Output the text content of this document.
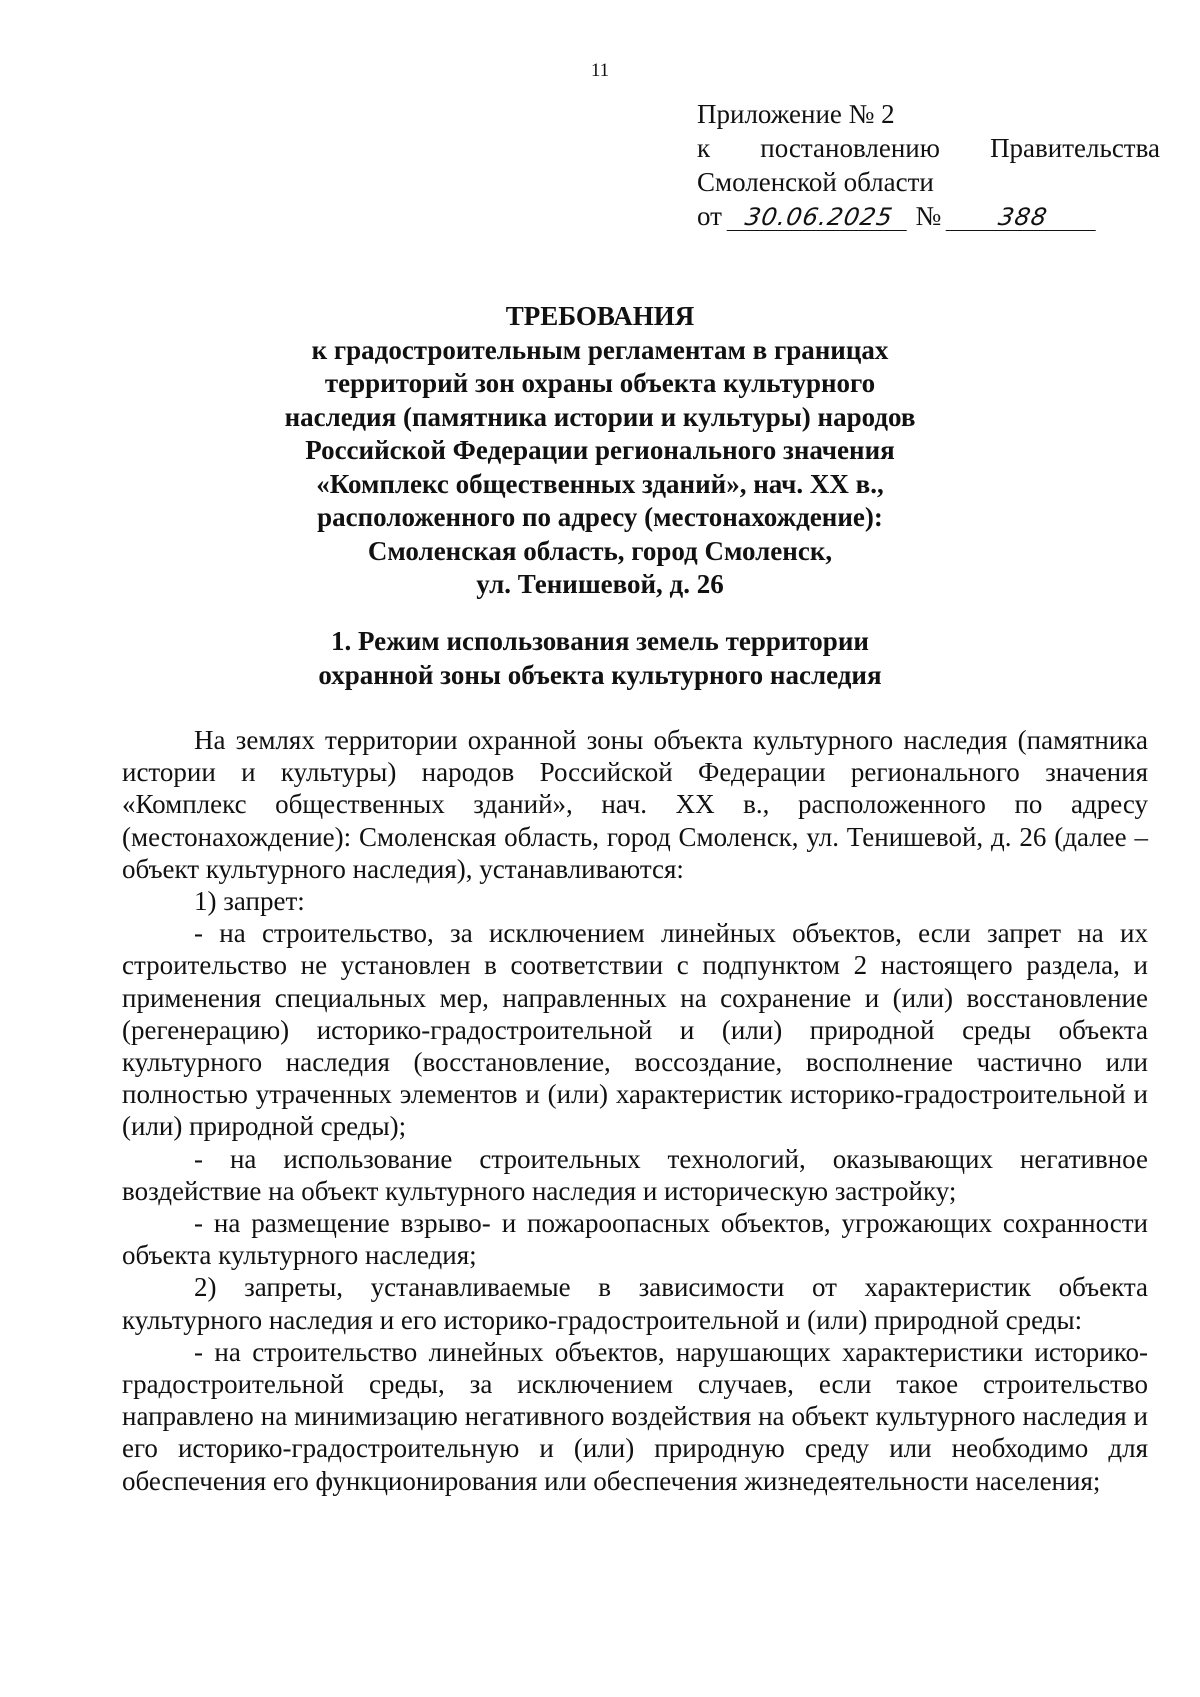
11
Приложение № 2
к постановлению Правительства
Смоленской области
от 30.06.2025 № 388
ТРЕБОВАНИЯ
к градостроительным регламентам в границах
территорий зон охраны объекта культурного
наследия (памятника истории и культуры) народов
Российской Федерации регионального значения
«Комплекс общественных зданий», нач. XX в.,
расположенного по адресу (местонахождение):
Смоленская область, город Смоленск,
ул. Тенишевой, д. 26
1. Режим использования земель территории
охранной зоны объекта культурного наследия

На землях территории охранной зоны объекта культурного наследия (памятника истории и культуры) народов Российской Федерации регионального значения «Комплекс общественных зданий», нач. XX в., расположенного по адресу (местонахождение): Смоленская область, город Смоленск, ул. Тенишевой, д. 26 (далее – объект культурного наследия), устанавливаются:

1) запрет:

- на строительство, за исключением линейных объектов, если запрет на их строительство не установлен в соответствии с подпунктом 2 настоящего раздела, и применения специальных мер, направленных на сохранение и (или) восстановление (регенерацию) историко-градостроительной и (или) природной среды объекта культурного наследия (восстановление, воссоздание, восполнение частично или полностью утраченных элементов и (или) характеристик историко-градостроительной и (или) природной среды);

- на использование строительных технологий, оказывающих негативное воздействие на объект культурного наследия и историческую застройку;

- на размещение взрыво- и пожароопасных объектов, угрожающих сохранности объекта культурного наследия;

2) запреты, устанавливаемые в зависимости от характеристик объекта культурного наследия и его историко-градостроительной и (или) природной среды:

- на строительство линейных объектов, нарушающих характеристики историко-градостроительной среды, за исключением случаев, если такое строительство направлено на минимизацию негативного воздействия на объект культурного наследия и его историко-градостроительную и (или) природную среду или необходимо для обеспечения его функционирования или обеспечения жизнедеятельности населения;
